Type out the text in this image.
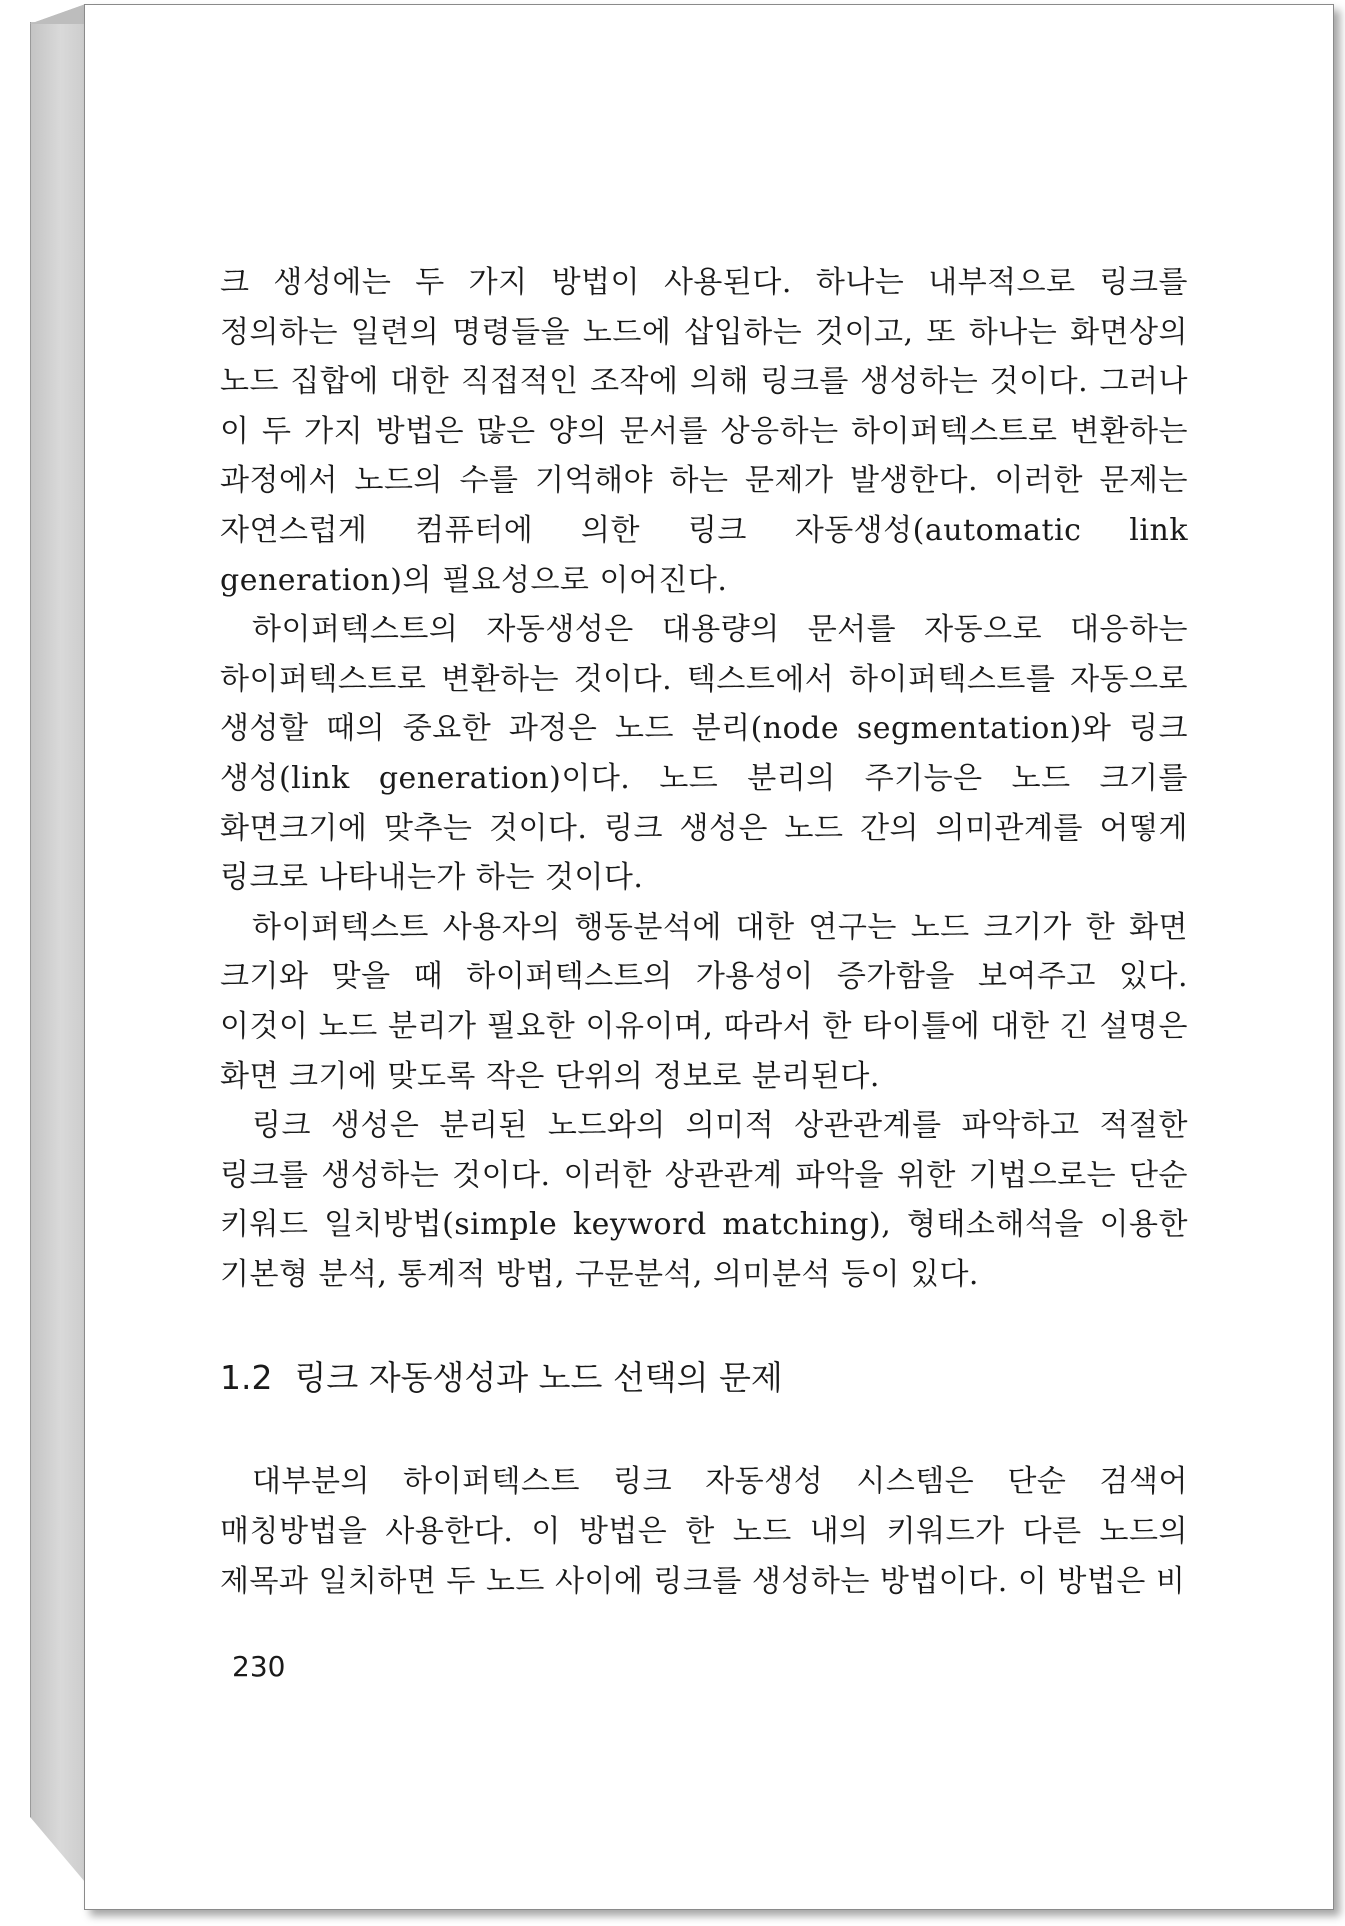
크 생성에는 두 가지 방법이 사용된다. 하나는 내부적으로 링크를 정의하는 일련의 명령들을 노드에 삽입하는 것이고, 또 하나는 화면상의 노드 집합에 대한 직접적인 조작에 의해 링크를 생성하는 것이다. 그러나 이 두 가지 방법은 많은 양의 문서를 상응하는 하이퍼텍스트로 변환하는 과정에서 노드의 수를 기억해야 하는 문제가 발생한다. 이러한 문제는 자연스럽게 컴퓨터에 의한 링크 자동생성(automatic link generation)의 필요성으로 이어진다.

하이퍼텍스트의 자동생성은 대용량의 문서를 자동으로 대응하는 하이퍼텍스트로 변환하는 것이다. 텍스트에서 하이퍼텍스트를 자동으로 생성할 때의 중요한 과정은 노드 분리(node segmentation)와 링크 생성(link generation)이다. 노드 분리의 주기능은 노드 크기를 화면크기에 맞추는 것이다. 링크 생성은 노드 간의 의미관계를 어떻게 링크로 나타내는가 하는 것이다.

하이퍼텍스트 사용자의 행동분석에 대한 연구는 노드 크기가 한 화면 크기와 맞을 때 하이퍼텍스트의 가용성이 증가함을 보여주고 있다. 이것이 노드 분리가 필요한 이유이며, 따라서 한 타이틀에 대한 긴 설명은 화면 크기에 맞도록 작은 단위의 정보로 분리된다.

링크 생성은 분리된 노드와의 의미적 상관관계를 파악하고 적절한 링크를 생성하는 것이다. 이러한 상관관계 파악을 위한 기법으로는 단순 키워드 일치방법(simple keyword matching), 형태소해석을 이용한 기본형 분석, 통계적 방법, 구문분석, 의미분석 등이 있다.

1.2 링크 자동생성과 노드 선택의 문제

대부분의 하이퍼텍스트 링크 자동생성 시스템은 단순 검색어 매칭방법을 사용한다. 이 방법은 한 노드 내의 키워드가 다른 노드의 제목과 일치하면 두 노드 사이에 링크를 생성하는 방법이다. 이 방법은 비

230
